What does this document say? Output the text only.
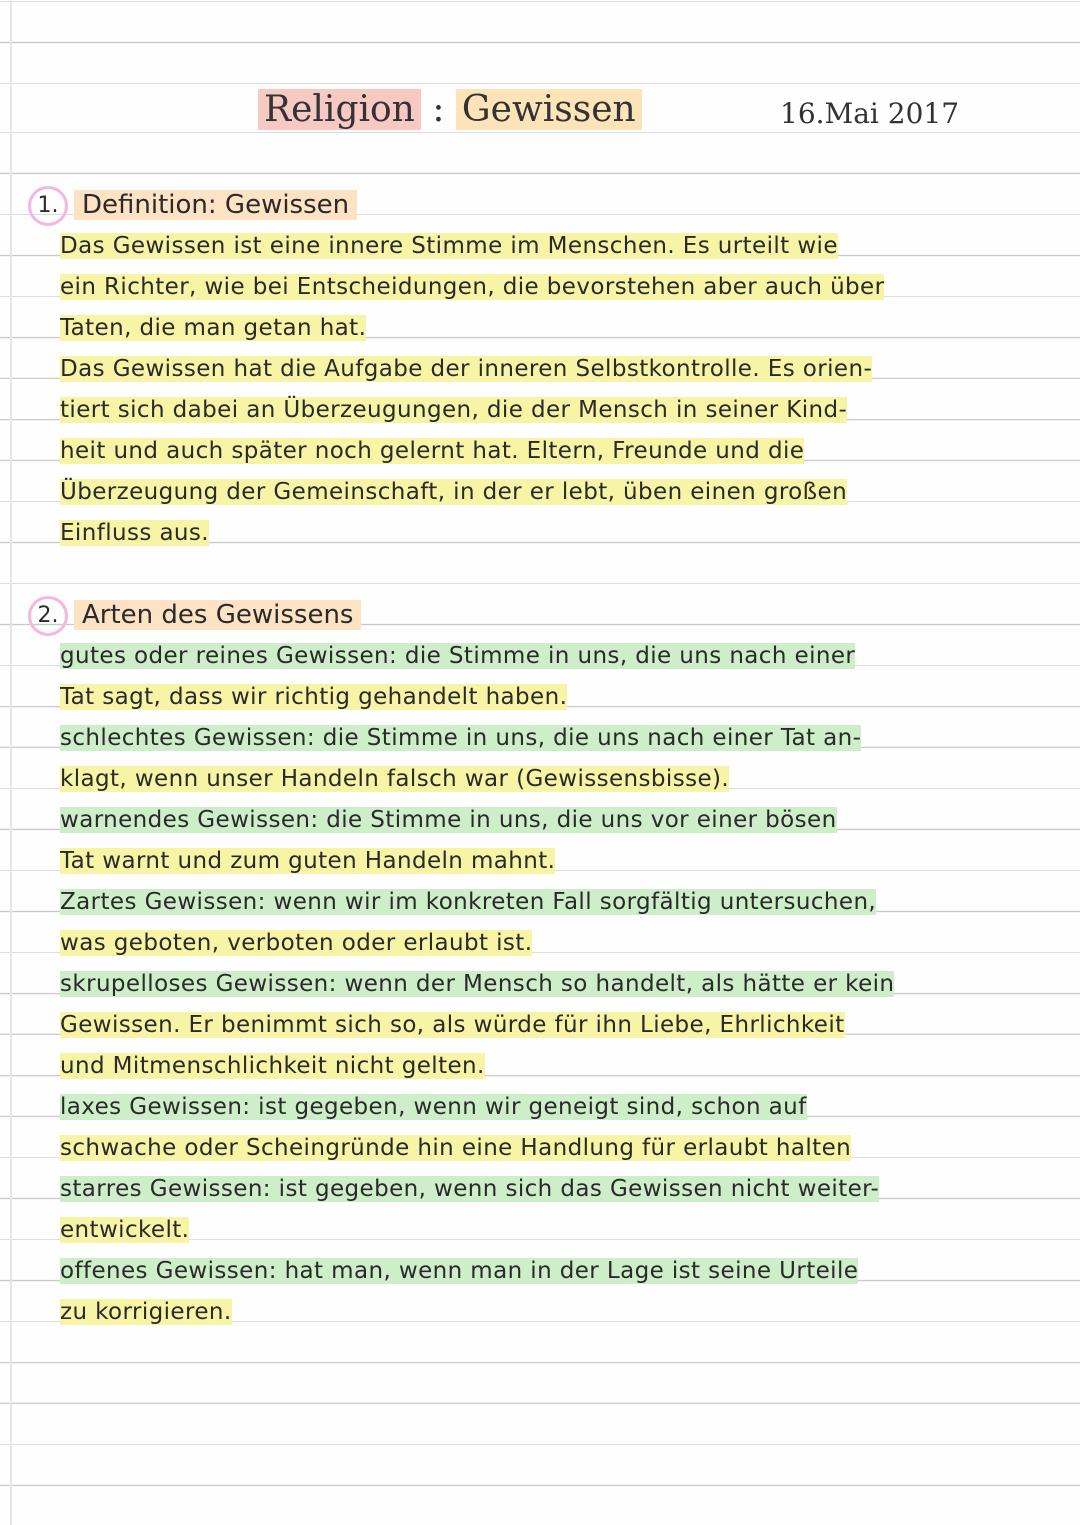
Religion : Gewissen	16.Mai 2017
1. Definition: Gewissen
Das Gewissen ist eine innere Stimme im Menschen. Es urteilt wie
ein Richter, wie bei Entscheidungen, die bevorstehen aber auch über
Taten, die man getan hat.
Das Gewissen hat die Aufgabe der inneren Selbstkontrolle. Es orien-
tiert sich dabei an Überzeugungen, die der Mensch in seiner Kind-
heit und auch später noch gelernt hat. Eltern, Freunde und die
Überzeugung der Gemeinschaft, in der er lebt, üben einen großen
Einfluss aus.
2. Arten des Gewissens
gutes oder reines Gewissen: die Stimme in uns, die uns nach einer
Tat sagt, dass wir richtig gehandelt haben.
schlechtes Gewissen: die Stimme in uns, die uns nach einer Tat an-
klagt, wenn unser Handeln falsch war (Gewissensbisse).
warnendes Gewissen: die Stimme in uns, die uns vor einer bösen
Tat warnt und zum guten Handeln mahnt.
Zartes Gewissen: wenn wir im konkreten Fall sorgfältig untersuchen,
was geboten, verboten oder erlaubt ist.
skrupelloses Gewissen: wenn der Mensch so handelt, als hätte er kein
Gewissen. Er benimmt sich so, als würde für ihn Liebe, Ehrlichkeit
und Mitmenschlichkeit nicht gelten.
laxes Gewissen: ist gegeben, wenn wir geneigt sind, schon auf
schwache oder Scheingründe hin eine Handlung für erlaubt halten
starres Gewissen: ist gegeben, wenn sich das Gewissen nicht weiter-
entwickelt.
offenes Gewissen: hat man, wenn man in der Lage ist seine Urteile
zu korrigieren.
